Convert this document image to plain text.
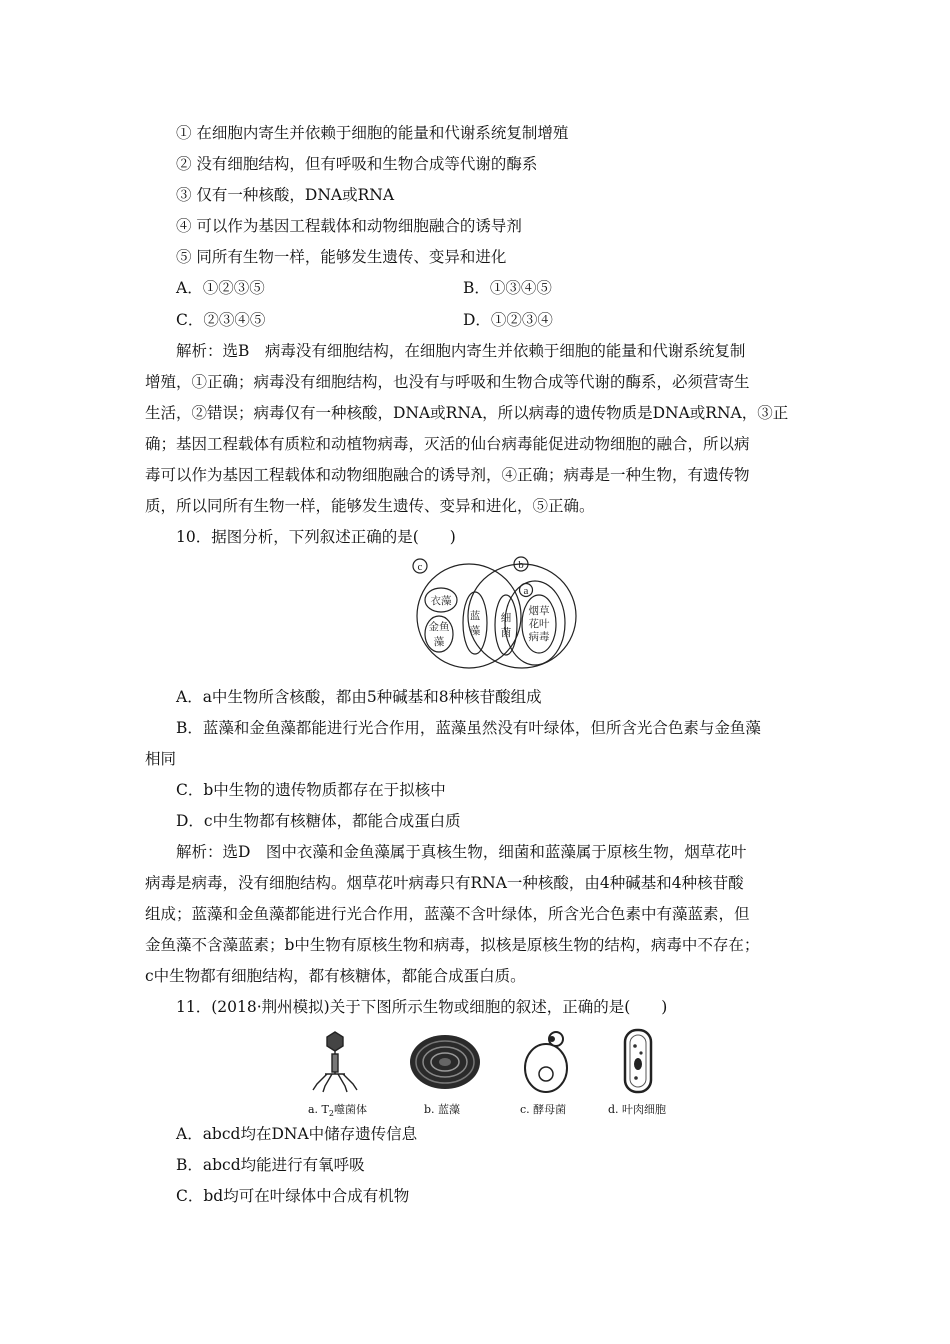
① 在细胞内寄生并依赖于细胞的能量和代谢系统复制增殖
② 没有细胞结构，但有呼吸和生物合成等代谢的酶系
③ 仅有一种核酸，DNA或RNA
④ 可以作为基因工程载体和动物细胞融合的诱导剂
⑤ 同所有生物一样，能够发生遗传、变异和进化
A．①②③⑤	B．①③④⑤
C．②③④⑤	D．①②③④
解析：选B　病毒没有细胞结构，在细胞内寄生并依赖于细胞的能量和代谢系统复制
增殖，①正确；病毒没有细胞结构，也没有与呼吸和生物合成等代谢的酶系，必须营寄生
生活，②错误；病毒仅有一种核酸，DNA或RNA，所以病毒的遗传物质是DNA或RNA，③正
确；基因工程载体有质粒和动植物病毒，灭活的仙台病毒能促进动物细胞的融合，所以病
毒可以作为基因工程载体和动物细胞融合的诱导剂，④正确；病毒是一种生物，有遗传物
质，所以同所有生物一样，能够发生遗传、变异和进化，⑤正确。
10．据图分析，下列叙述正确的是(　　)
c	b
a
衣藻
金鱼
藻
蓝
藻
细
菌
烟草
花叶
病毒
A．a中生物所含核酸，都由5种碱基和8种核苷酸组成
B．蓝藻和金鱼藻都能进行光合作用，蓝藻虽然没有叶绿体，但所含光合色素与金鱼藻
相同
C．b中生物的遗传物质都存在于拟核中
D．c中生物都有核糖体，都能合成蛋白质
解析：选D　图中衣藻和金鱼藻属于真核生物，细菌和蓝藻属于原核生物，烟草花叶
病毒是病毒，没有细胞结构。烟草花叶病毒只有RNA一种核酸，由4种碱基和4种核苷酸
组成；蓝藻和金鱼藻都能进行光合作用，蓝藻不含叶绿体，所含光合色素中有藻蓝素，但
金鱼藻不含藻蓝素；b中生物有原核生物和病毒，拟核是原核生物的结构，病毒中不存在；
c中生物都有细胞结构，都有核糖体，都能合成蛋白质。
11．(2018·荆州模拟)关于下图所示生物或细胞的叙述，正确的是(　　)
a. $T_2$噬菌体	b. 蓝藻	c. 酵母菌	d. 叶肉细胞
A．abcd均在DNA中储存遗传信息
B．abcd均能进行有氧呼吸
C．bd均可在叶绿体中合成有机物
